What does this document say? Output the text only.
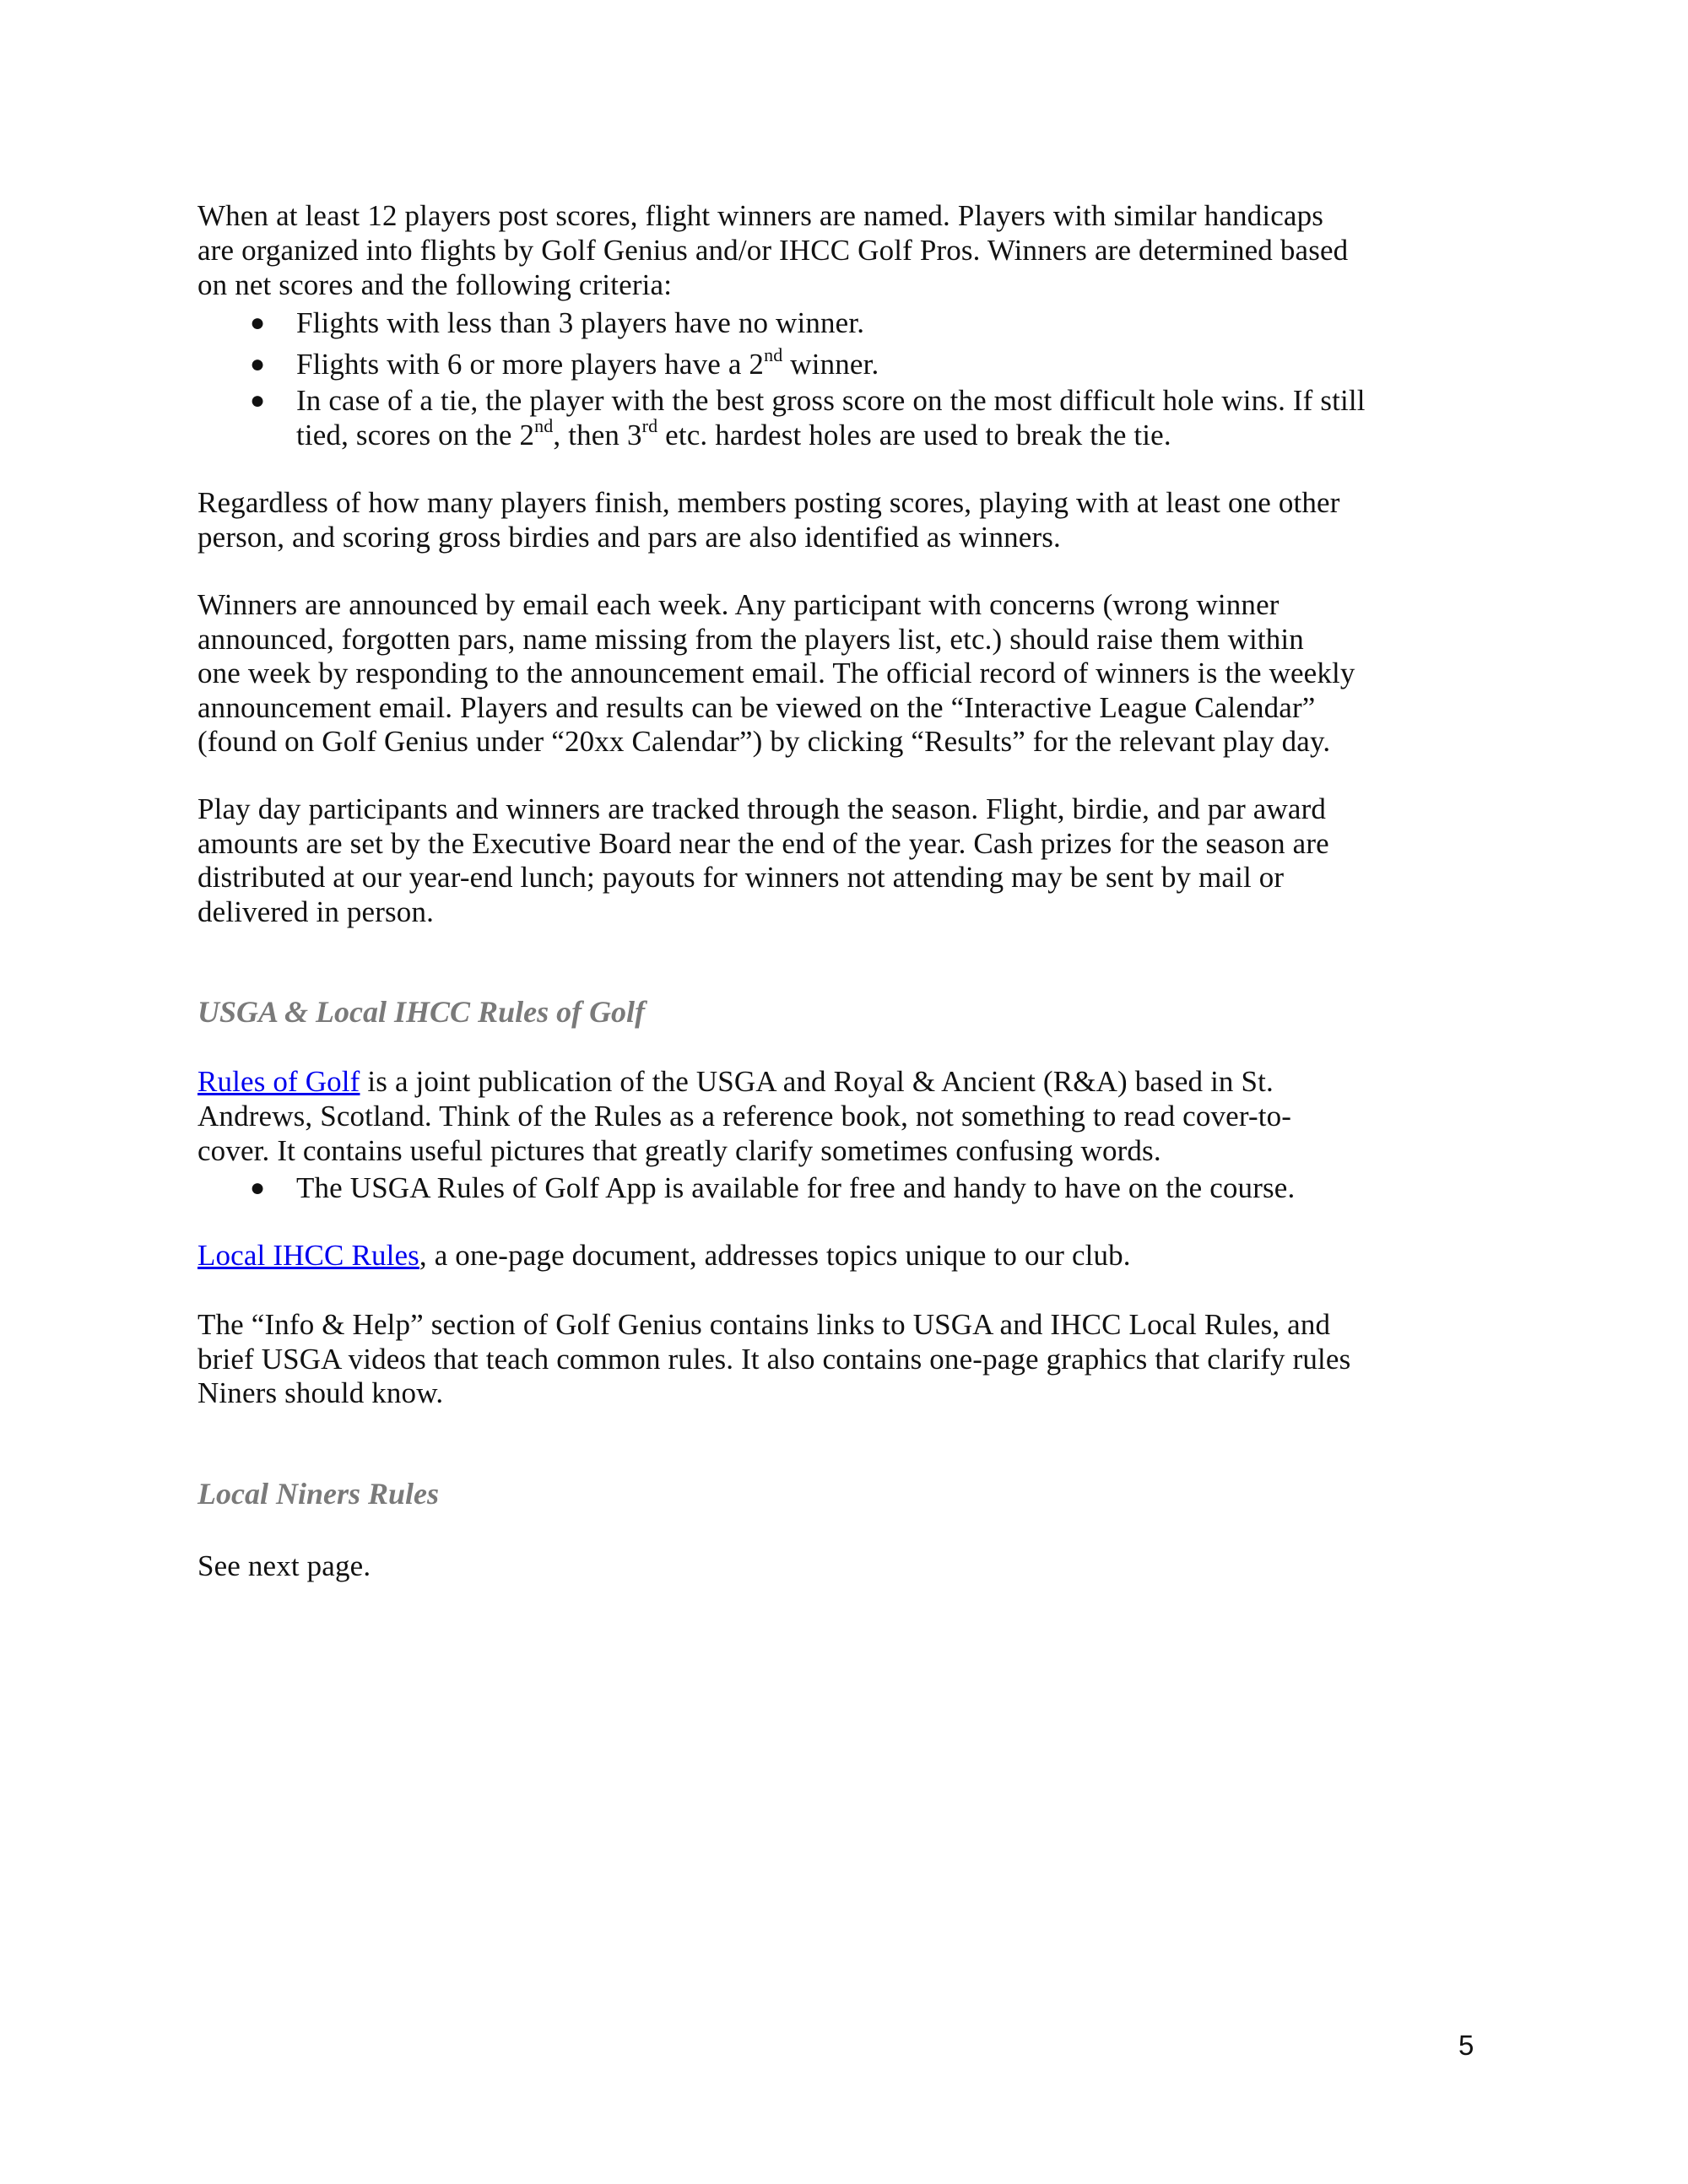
When at least 12 players post scores, flight winners are named. Players with similar handicaps
are organized into flights by Golf Genius and/or IHCC Golf Pros. Winners are determined based
on net scores and the following criteria:
● Flights with less than 3 players have no winner.
● Flights with 6 or more players have a 2nd winner.
● In case of a tie, the player with the best gross score on the most difficult hole wins. If still
tied, scores on the 2nd, then 3rd etc. hardest holes are used to break the tie.
Regardless of how many players finish, members posting scores, playing with at least one other
person, and scoring gross birdies and pars are also identified as winners.
Winners are announced by email each week. Any participant with concerns (wrong winner
announced, forgotten pars, name missing from the players list, etc.) should raise them within
one week by responding to the announcement email. The official record of winners is the weekly
announcement email. Players and results can be viewed on the “Interactive League Calendar”
(found on Golf Genius under “20xx Calendar”) by clicking “Results” for the relevant play day.
Play day participants and winners are tracked through the season. Flight, birdie, and par award
amounts are set by the Executive Board near the end of the year. Cash prizes for the season are
distributed at our year-end lunch; payouts for winners not attending may be sent by mail or
delivered in person.
Rules of Golf is a joint publication of the USGA and Royal & Ancient (R&A) based in St.
Andrews, Scotland. Think of the Rules as a reference book, not something to read cover-to-
cover. It contains useful pictures that greatly clarify sometimes confusing words.
● The USGA Rules of Golf App is available for free and handy to have on the course.
Local IHCC Rules, a one-page document, addresses topics unique to our club.
The “Info & Help” section of Golf Genius contains links to USGA and IHCC Local Rules, and
brief USGA videos that teach common rules. It also contains one-page graphics that clarify rules
Niners should know.
See next page.
USGA & Local IHCC Rules of Golf
Local Niners Rules
5
